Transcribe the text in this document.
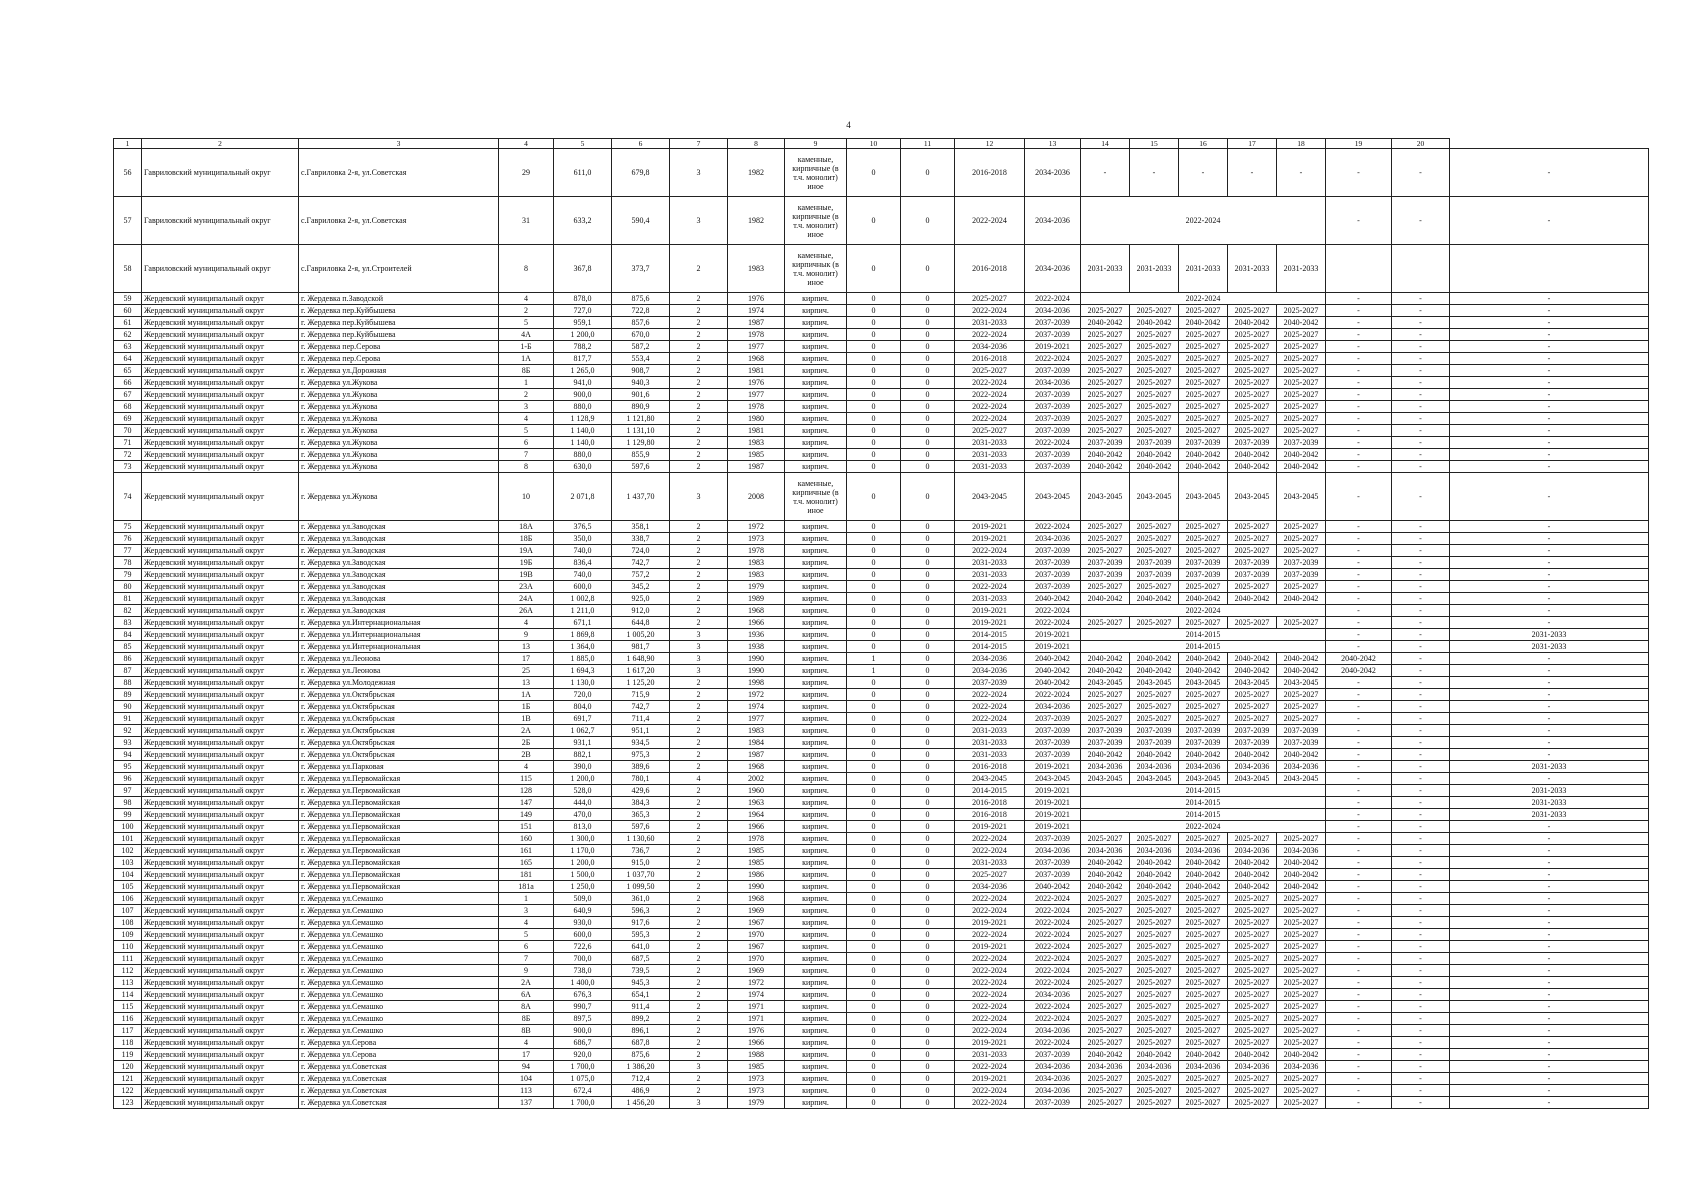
4
1	2	3	4	5	6	7	8	9	10	11	12	13	14	15	16	17	18	19	20	
56	Гавриловский муниципальный округ	с.Гавриловка 2-я, ул.Советская	29	611,0	679,8	3	1982	каменные, кирпичные (в т.ч. монолит) иное	0	0	2016-2018	2034-2036	-	-	-	-	-	-	-	-
57	Гавриловский муниципальный округ	с.Гавриловка 2-я, ул.Советская	31	633,2	590,4	3	1982	каменные, кирпичные (в т.ч. монолит) иное	0	0	2022-2024	2034-2036	2022-2024					-	-	-
58	Гавриловский муниципальный округ	с.Гавриловка 2-я, ул.Строителей	8	367,8	373,7	2	1983	каменные, кирпичнык (в т.ч. монолит) иное	0	0	2016-2018	2034-2036	2031-2033	2031-2033	2031-2033	2031-2033	2031-2033			
59	Жердевский муниципальный округ	г. Жердевка п.Заводской	4	878,0	875,6	2	1976	кирпич.	0	0	2025-2027	2022-2024	2022-2024					-	-	-
60	Жердевский муниципальный округ	г. Жердевка пер.Куйбышева	2	727,0	722,8	2	1974	кирпич.	0	0	2022-2024	2034-2036	2025-2027	2025-2027	2025-2027	2025-2027	2025-2027	-	-	-
61	Жердевский муниципальный округ	г. Жердевка пер.Куйбышева	5	959,1	857,6	2	1987	кирпич.	0	0	2031-2033	2037-2039	2040-2042	2040-2042	2040-2042	2040-2042	2040-2042	-	-	-
62	Жердевский муниципальный округ	г. Жердевка пер.Куйбышева	4А	1 200,0	670,0	2	1978	кирпич.	0	0	2022-2024	2037-2039	2025-2027	2025-2027	2025-2027	2025-2027	2025-2027	-	-	-
63	Жердевский муниципальный округ	г. Жердевка пер.Серова	1-Б	788,2	587,2	2	1977	кирпич.	0	0	2034-2036	2019-2021	2025-2027	2025-2027	2025-2027	2025-2027	2025-2027	-	-	-
64	Жердевский муниципальный округ	г. Жердевка пер.Серова	1А	817,7	553,4	2	1968	кирпич.	0	0	2016-2018	2022-2024	2025-2027	2025-2027	2025-2027	2025-2027	2025-2027	-	-	-
65	Жердевский муниципальный округ	г. Жердевка ул.Дорожная	8Б	1 265,0	908,7	2	1981	кирпич.	0	0	2025-2027	2037-2039	2025-2027	2025-2027	2025-2027	2025-2027	2025-2027	-	-	-
66	Жердевский муниципальный округ	г. Жердевка ул.Жукова	1	941,0	940,3	2	1976	кирпич.	0	0	2022-2024	2034-2036	2025-2027	2025-2027	2025-2027	2025-2027	2025-2027	-	-	-
67	Жердевский муниципальный округ	г. Жердевка ул.Жукова	2	900,0	901,6	2	1977	кирпич.	0	0	2022-2024	2037-2039	2025-2027	2025-2027	2025-2027	2025-2027	2025-2027	-	-	-
68	Жердевский муниципальный округ	г. Жердевка ул.Жукова	3	880,0	890,9	2	1978	кирпич.	0	0	2022-2024	2037-2039	2025-2027	2025-2027	2025-2027	2025-2027	2025-2027	-	-	-
69	Жердевский муниципальный округ	г. Жердевка ул.Жукова	4	1 128,9	1 121,80	2	1980	кирпич.	0	0	2022-2024	2037-2039	2025-2027	2025-2027	2025-2027	2025-2027	2025-2027	-	-	-
70	Жердевский муниципальный округ	г. Жердевка ул.Жукова	5	1 140,0	1 131,10	2	1981	кирпич.	0	0	2025-2027	2037-2039	2025-2027	2025-2027	2025-2027	2025-2027	2025-2027	-	-	-
71	Жердевский муниципальный округ	г. Жердевка ул.Жукова	6	1 140,0	1 129,80	2	1983	кирпич.	0	0	2031-2033	2022-2024	2037-2039	2037-2039	2037-2039	2037-2039	2037-2039	-	-	-
72	Жердевский муниципальный округ	г. Жердевка ул.Жукова	7	880,0	855,9	2	1985	кирпич.	0	0	2031-2033	2037-2039	2040-2042	2040-2042	2040-2042	2040-2042	2040-2042	-	-	-
73	Жердевский муниципальный округ	г. Жердевка ул.Жукова	8	630,0	597,6	2	1987	кирпич.	0	0	2031-2033	2037-2039	2040-2042	2040-2042	2040-2042	2040-2042	2040-2042	-	-	-
74	Жердевский муниципальный округ	г. Жердевка ул.Жукова	10	2 071,8	1 437,70	3	2008	каменные, кирпичные (в т.ч. монолит) иное	0	0	2043-2045	2043-2045	2043-2045	2043-2045	2043-2045	2043-2045	2043-2045	-	-	-
75	Жердевский муниципальный округ	г. Жердевка ул.Заводская	18А	376,5	358,1	2	1972	кирпич.	0	0	2019-2021	2022-2024	2025-2027	2025-2027	2025-2027	2025-2027	2025-2027	-	-	-
76	Жердевский муниципальный округ	г. Жердевка ул.Заводская	18Б	350,0	338,7	2	1973	кирпич.	0	0	2019-2021	2034-2036	2025-2027	2025-2027	2025-2027	2025-2027	2025-2027	-	-	-
77	Жердевский муниципальный округ	г. Жердевка ул.Заводская	19А	740,0	724,0	2	1978	кирпич.	0	0	2022-2024	2037-2039	2025-2027	2025-2027	2025-2027	2025-2027	2025-2027	-	-	-
78	Жердевский муниципальный округ	г. Жердевка ул.Заводская	19Б	836,4	742,7	2	1983	кирпич.	0	0	2031-2033	2037-2039	2037-2039	2037-2039	2037-2039	2037-2039	2037-2039	-	-	-
79	Жердевский муниципальный округ	г. Жердевка ул.Заводская	19В	740,0	757,2	2	1983	кирпич.	0	0	2031-2033	2037-2039	2037-2039	2037-2039	2037-2039	2037-2039	2037-2039	-	-	-
80	Жердевский муниципальный округ	г. Жердевка ул.Заводская	23А	600,0	345,2	2	1979	кирпич.	0	0	2022-2024	2037-2039	2025-2027	2025-2027	2025-2027	2025-2027	2025-2027	-	-	-
81	Жердевский муниципальный округ	г. Жердевка ул.Заводская	24А	1 002,8	925,0	2	1989	кирпич.	0	0	2031-2033	2040-2042	2040-2042	2040-2042	2040-2042	2040-2042	2040-2042	-	-	-
82	Жердевский муниципальный округ	г. Жердевка ул.Заводская	26А	1 211,0	912,0	2	1968	кирпич.	0	0	2019-2021	2022-2024	2022-2024					-	-	-
83	Жердевский муниципальный округ	г. Жердевка ул.Интернациональная	4	671,1	644,8	2	1966	кирпич.	0	0	2019-2021	2022-2024	2025-2027	2025-2027	2025-2027	2025-2027	2025-2027	-	-	-
84	Жердевский муниципальный округ	г. Жердевка ул.Интернациональная	9	1 869,8	1 005,20	3	1936	кирпич.	0	0	2014-2015	2019-2021	2014-2015					-	-	2031-2033
85	Жердевский муниципальный округ	г. Жердевка ул.Интернациональная	13	1 364,0	981,7	3	1938	кирпич.	0	0	2014-2015	2019-2021	2014-2015					-	-	2031-2033
86	Жердевский муниципальный округ	г. Жердевка ул.Леонова	17	1 885,0	1 648,90	3	1990	кирпич.	1	0	2034-2036	2040-2042	2040-2042	2040-2042	2040-2042	2040-2042	2040-2042	2040-2042	-	-
87	Жердевский муниципальный округ	г. Жердевка ул.Леонова	25	1 694,3	1 617,20	3	1990	кирпич.	1	0	2034-2036	2040-2042	2040-2042	2040-2042	2040-2042	2040-2042	2040-2042	2040-2042	-	-
88	Жердевский муниципальный округ	г. Жердевка ул.Молодежная	13	1 130,0	1 125,20	2	1998	кирпич.	0	0	2037-2039	2040-2042	2043-2045	2043-2045	2043-2045	2043-2045	2043-2045	-	-	-
89	Жердевский муниципальный округ	г. Жердевка ул.Октябрьская	1А	720,0	715,9	2	1972	кирпич.	0	0	2022-2024	2022-2024	2025-2027	2025-2027	2025-2027	2025-2027	2025-2027	-	-	-
90	Жердевский муниципальный округ	г. Жердевка ул.Октябрьская	1Б	804,0	742,7	2	1974	кирпич.	0	0	2022-2024	2034-2036	2025-2027	2025-2027	2025-2027	2025-2027	2025-2027	-	-	-
91	Жердевский муниципальный округ	г. Жердевка ул.Октябрьская	1В	691,7	711,4	2	1977	кирпич.	0	0	2022-2024	2037-2039	2025-2027	2025-2027	2025-2027	2025-2027	2025-2027	-	-	-
92	Жердевский муниципальный округ	г. Жердевка ул.Октябрьская	2А	1 062,7	951,1	2	1983	кирпич.	0	0	2031-2033	2037-2039	2037-2039	2037-2039	2037-2039	2037-2039	2037-2039	-	-	-
93	Жердевский муниципальный округ	г. Жердевка ул.Октябрьская	2Б	931,1	934,5	2	1984	кирпич.	0	0	2031-2033	2037-2039	2037-2039	2037-2039	2037-2039	2037-2039	2037-2039	-	-	-
94	Жердевский муниципальный округ	г. Жердевка ул.Октябрьская	2В	882,1	975,3	2	1987	кирпич.	0	0	2031-2033	2037-2039	2040-2042	2040-2042	2040-2042	2040-2042	2040-2042	-	-	-
95	Жердевский муниципальный округ	г. Жердевка ул.Парковая	4	390,0	389,6	2	1968	кирпич.	0	0	2016-2018	2019-2021	2034-2036	2034-2036	2034-2036	2034-2036	2034-2036	-	-	2031-2033
96	Жердевский муниципальный округ	г. Жердевка ул.Первомайская	115	1 200,0	780,1	4	2002	кирпич.	0	0	2043-2045	2043-2045	2043-2045	2043-2045	2043-2045	2043-2045	2043-2045	-	-	-
97	Жердевский муниципальный округ	г. Жердевка ул.Первомайская	128	528,0	429,6	2	1960	кирпич.	0	0	2014-2015	2019-2021	2014-2015					-	-	2031-2033
98	Жердевский муниципальный округ	г. Жердевка ул.Первомайская	147	444,0	384,3	2	1963	кирпич.	0	0	2016-2018	2019-2021	2014-2015					-	-	2031-2033
99	Жердевский муниципальный округ	г. Жердевка ул.Первомайская	149	470,0	365,3	2	1964	кирпич.	0	0	2016-2018	2019-2021	2014-2015					-	-	2031-2033
100	Жердевский муниципальный округ	г. Жердевка ул.Первомайская	151	813,0	597,6	2	1966	кирпич.	0	0	2019-2021	2019-2021	2022-2024					-	-	-
101	Жердевский муниципальный округ	г. Жердевка ул.Первомайская	160	1 300,0	1 130,60	2	1978	кирпич.	0	0	2022-2024	2037-2039	2025-2027	2025-2027	2025-2027	2025-2027	2025-2027	-	-	-
102	Жердевский муниципальный округ	г. Жердевка ул.Первомайская	161	1 170,0	736,7	2	1985	кирпич.	0	0	2022-2024	2034-2036	2034-2036	2034-2036	2034-2036	2034-2036	2034-2036	-	-	-
103	Жердевский муниципальный округ	г. Жердевка ул.Первомайская	165	1 200,0	915,0	2	1985	кирпич.	0	0	2031-2033	2037-2039	2040-2042	2040-2042	2040-2042	2040-2042	2040-2042	-	-	-
104	Жердевский муниципальный округ	г. Жердевка ул.Первомайская	181	1 500,0	1 037,70	2	1986	кирпич.	0	0	2025-2027	2037-2039	2040-2042	2040-2042	2040-2042	2040-2042	2040-2042	-	-	-
105	Жердевский муниципальный округ	г. Жердевка ул.Первомайская	181а	1 250,0	1 099,50	2	1990	кирпич.	0	0	2034-2036	2040-2042	2040-2042	2040-2042	2040-2042	2040-2042	2040-2042	-	-	-
106	Жердевский муниципальный округ	г. Жердевка ул.Семашко	1	509,0	361,0	2	1968	кирпич.	0	0	2022-2024	2022-2024	2025-2027	2025-2027	2025-2027	2025-2027	2025-2027	-	-	-
107	Жердевский муниципальный округ	г. Жердевка ул.Семашко	3	640,9	596,3	2	1969	кирпич.	0	0	2022-2024	2022-2024	2025-2027	2025-2027	2025-2027	2025-2027	2025-2027	-	-	-
108	Жердевский муниципальный округ	г. Жердевка ул.Семашко	4	930,0	917,6	2	1967	кирпич.	0	0	2019-2021	2022-2024	2025-2027	2025-2027	2025-2027	2025-2027	2025-2027	-	-	-
109	Жердевский муниципальный округ	г. Жердевка ул.Семашко	5	600,0	595,3	2	1970	кирпич.	0	0	2022-2024	2022-2024	2025-2027	2025-2027	2025-2027	2025-2027	2025-2027	-	-	-
110	Жердевский муниципальный округ	г. Жердевка ул.Семашко	6	722,6	641,0	2	1967	кирпич.	0	0	2019-2021	2022-2024	2025-2027	2025-2027	2025-2027	2025-2027	2025-2027	-	-	-
111	Жердевский муниципальный округ	г. Жердевка ул.Семашко	7	700,0	687,5	2	1970	кирпич.	0	0	2022-2024	2022-2024	2025-2027	2025-2027	2025-2027	2025-2027	2025-2027	-	-	-
112	Жердевский муниципальный округ	г. Жердевка ул.Семашко	9	738,0	739,5	2	1969	кирпич.	0	0	2022-2024	2022-2024	2025-2027	2025-2027	2025-2027	2025-2027	2025-2027	-	-	-
113	Жердевский муниципальный округ	г. Жердевка ул.Семашко	2А	1 400,0	945,3	2	1972	кирпич.	0	0	2022-2024	2022-2024	2025-2027	2025-2027	2025-2027	2025-2027	2025-2027	-	-	-
114	Жердевский муниципальный округ	г. Жердевка ул.Семашко	6А	676,3	654,1	2	1974	кирпич.	0	0	2022-2024	2034-2036	2025-2027	2025-2027	2025-2027	2025-2027	2025-2027	-	-	-
115	Жердевский муниципальный округ	г. Жердевка ул.Семашко	8А	990,7	911,4	2	1971	кирпич.	0	0	2022-2024	2022-2024	2025-2027	2025-2027	2025-2027	2025-2027	2025-2027	-	-	-
116	Жердевский муниципальный округ	г. Жердевка ул.Семашко	8Б	897,5	899,2	2	1971	кирпич.	0	0	2022-2024	2022-2024	2025-2027	2025-2027	2025-2027	2025-2027	2025-2027	-	-	-
117	Жердевский муниципальный округ	г. Жердевка ул.Семашко	8В	900,0	896,1	2	1976	кирпич.	0	0	2022-2024	2034-2036	2025-2027	2025-2027	2025-2027	2025-2027	2025-2027	-	-	-
118	Жердевский муниципальный округ	г. Жердевка ул.Серова	4	686,7	687,8	2	1966	кирпич.	0	0	2019-2021	2022-2024	2025-2027	2025-2027	2025-2027	2025-2027	2025-2027	-	-	-
119	Жердевский муниципальный округ	г. Жердевка ул.Серова	17	920,0	875,6	2	1988	кирпич.	0	0	2031-2033	2037-2039	2040-2042	2040-2042	2040-2042	2040-2042	2040-2042	-	-	-
120	Жердевский муниципальный округ	г. Жердевка ул.Советская	94	1 700,0	1 386,20	3	1985	кирпич.	0	0	2022-2024	2034-2036	2034-2036	2034-2036	2034-2036	2034-2036	2034-2036	-	-	-
121	Жердевский муниципальный округ	г. Жердевка ул.Советская	104	1 075,0	712,4	2	1973	кирпич.	0	0	2019-2021	2034-2036	2025-2027	2025-2027	2025-2027	2025-2027	2025-2027	-	-	-
122	Жердевский муниципальный округ	г. Жердевка ул.Советская	113	672,4	486,9	2	1973	кирпич.	0	0	2022-2024	2034-2036	2025-2027	2025-2027	2025-2027	2025-2027	2025-2027	-	-	-
123	Жердевский муниципальный округ	г. Жердевка ул.Советская	137	1 700,0	1 456,20	3	1979	кирпич.	0	0	2022-2024	2037-2039	2025-2027	2025-2027	2025-2027	2025-2027	2025-2027	-	-	-
